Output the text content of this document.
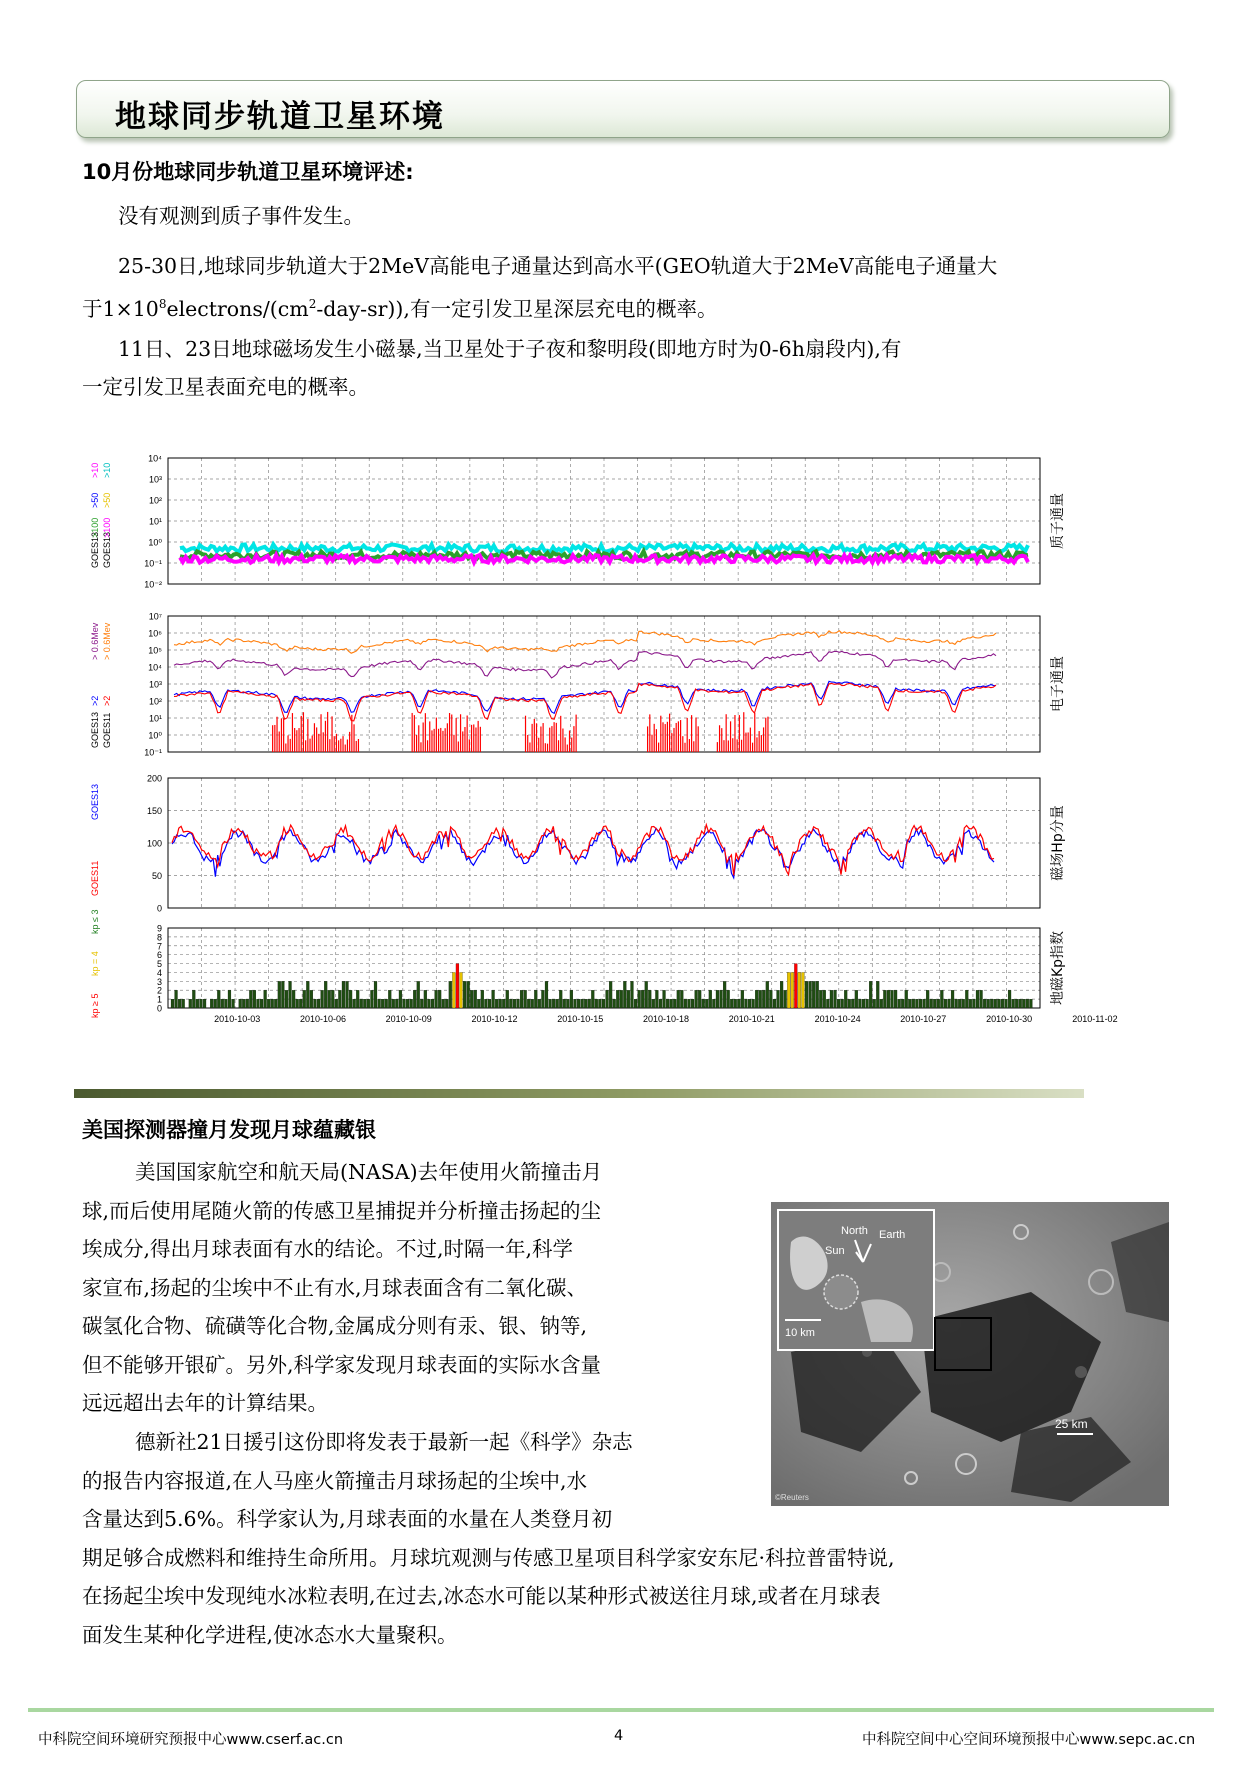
地球同步轨道卫星环境
10月份地球同步轨道卫星环境评述:
没有观测到质子事件发生。
25-30日,地球同步轨道大于2MeV高能电子通量达到高水平(GEO轨道大于2MeV高能电子通量大
于$1\times 10^8electrons/(cm^2-day-sr)$),有一定引发卫星深层充电的概率。
11日、23日地球磁场发生小磁暴,当卫星处于子夜和黎明段(即地方时为0-6h扇段内),有
一定引发卫星表面充电的概率。
10⁴
10³
10²
10¹
10⁰
10⁻¹
10⁻²
质子通量
GOES13
>100
>50
>10
GOES13
>100
>50
>10
10⁷
10⁶
10⁵
10⁴
10³
10²
10¹
10⁰
10⁻¹
电子通量
GOES13 GOES11
>2 >2
> 0.6Mev > 0.6Mev
200
150
100
50
0
磁场Hp分量
GOES13
GOES11
9
8
7
6
5
4
3
2
1
0
地磁Kp指数
kp ≥ 5
kp = 4
kp ≤ 3
2010-10-03	2010-10-06	2010-10-09	2010-10-12	2010-10-15	2010-10-18	2010-10-21	2010-10-24	2010-10-27	2010-10-30	2010-11-02
美国探测器撞月发现月球蕴藏银
美国国家航空和航天局(NASA)去年使用火箭撞击月
球,而后使用尾随火箭的传感卫星捕捉并分析撞击扬起的尘
埃成分,得出月球表面有水的结论。不过,时隔一年,科学
家宣布,扬起的尘埃中不止有水,月球表面含有二氧化碳、
碳氢化合物、硫磺等化合物,金属成分则有汞、银、钠等,
但不能够开银矿。另外,科学家发现月球表面的实际水含量
远远超出去年的计算结果。
德新社21日援引这份即将发表于最新一起《科学》杂志
的报告内容报道,在人马座火箭撞击月球扬起的尘埃中,水
含量达到5.6%。科学家认为,月球表面的水量在人类登月初
期足够合成燃料和维持生命所用。月球坑观测与传感卫星项目科学家安东尼·科拉普雷特说,
在扬起尘埃中发现纯水冰粒表明,在过去,冰态水可能以某种形式被送往月球,或者在月球表
面发生某种化学进程,使冰态水大量聚积。
Sun
North Earth
10 km
25 km
©Reuters
中科院空间环境研究预报中心www.cserf.ac.cn	4	中科院空间中心空间环境预报中心www.sepc.ac.cn
